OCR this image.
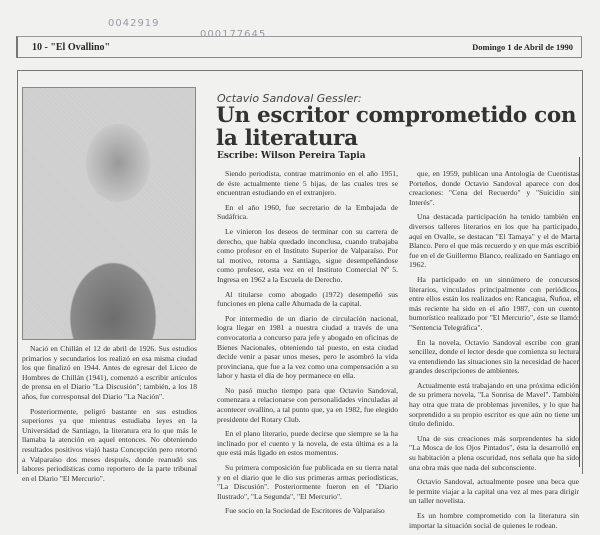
0042919
000177645
10 - "El Ovallino"	Domingo 1 de Abril de 1990
Octavio Sandoval Gessler:
Un escritor comprometido con la literatura
Escribe: Wilson Pereira Tapia

Nació en Chillán el 12 de abril de 1926. Sus estudios primarios y secundarios los realizó en esa misma ciudad los que finalizó en 1944. Antes de egresar del Liceo de Hombres de Chillán (1941), comenzó a escribir artículos de prensa en el Diario "La Discusión"; también, a los 18 años, fue corresponsal del Diario "La Nación".

Posteriormente, peligró bastante en sus estudios superiores ya que mientras estudiaba leyes en la Universidad de Santiago, la literatura era lo que más le llamaba la atención en aquel entonces. No obteniendo resultados positivos viajó hasta Concepción pero retornó a Valparaíso dos meses después, donde reanudó sus labores periodísticas como reportero de la parte tribunal en el Diario "El Mercurio".

Siendo periodista, contrae matrimonio en el año 1951, de éste actualmente tiene 5 hijas, de las cuales tres se encuentran estudiando en el extranjero.

En el año 1960, fue secretario de la Embajada de Sudáfrica.

Le vinieron los deseos de terminar con su carrera de derecho, que había quedado inconclusa, cuando trabajaba como profesor en el Instituto Superior de Valparaíso. Por tal motivo, retorna a Santiago, sigue desempeñándose como profesor, esta vez en el Instituto Comercial Nº 5. Ingresa en 1962 a la Escuela de Derecho.

Al titularse como abogado (1972) desempeñó sus funciones en plena calle Ahumada de la capital.

Por intermedio de un diario de circulación nacional, logra llegar en 1981 a nuestra ciudad a través de una convocatoria a concurso para jefe y abogado en oficinas de Bienes Nacionales, obteniendo tal puesto, en esta ciudad decide venir a pasar unos meses, pero le asombró la vida provinciana, que fue a la vez como una compensación a su labor y hasta el día de hoy permanece en ella.

No pasó mucho tiempo para que Octavio Sandoval, comenzara a relacionarse con personalidades vinculadas al acontecer ovallino, a tal punto que, ya en 1982, fue elegido presidente del Rotary Club.

En el plano literario, puede decirse que siempre se la ha inclinado por el cuento y la novela, de esta última es a la que está más ligado en estos momentos.

Su primera composición fue publicada en su tierra natal y en el diario que le dio sus primeras armas periodísticas, "La Discusión". Posteriormente fueron en el "Diario Ilustrado", "La Segunda", "El Mercurio".

Fue socio en la Sociedad de Escritores de Valparaíso

que, en 1959, publican una Antología de Cuentistas Porteños, donde Octavio Sandoval aparece con dos creaciones: "Cena del Recuerdo" y "Suicidio sin Interés".

Una destacada participación ha tenido también en diversos talleres literarios en los que ha participado, aquí en Ovalle, se destacan "El Tamaya" y el de Marta Blanco. Pero el que más recuerdo y en que más escribió fue en el de Guillermo Blanco, realizado en Santiago en 1962.

Ha participado en un sinnúmero de concursos literarios, vinculados principalmente con periódicos, entre ellos están los realizados en: Rancagua, Ñuñoa, el más reciente ha sido en el año 1987, con un cuento humorístico realizado por "El Mercurio", éste se llamó: "Sentencia Telegráfica".

En la novela, Octavio Sandoval escribe con gran sencillez, donde el lector desde que comienza su lectura va entendiendo las situaciones sin la necesidad de hacer grandes descripciones de ambientes.

Actualmente está trabajando en una próxima edición de su primera novela, "La Sonrisa de Mavel". También hay otra que trata de problemas juveniles, y lo que ha sorprendido a su propio escritor es que aún no tiene un título definido.

Una de sus creaciones más sorprendentes ha sido "La Mosca de los Ojos Pintados", ésta la desarrolló en su habitación a plena oscuridad, nos señala que ha sido una obra más que nada del subconsciente.

Octavio Sandoval, actualmente posee una beca que le permite viajar a la capital una vez al mes para dirigir un taller novelista.

Es un hombre comprometido con la literatura sin importar la situación social de quienes le rodean.
